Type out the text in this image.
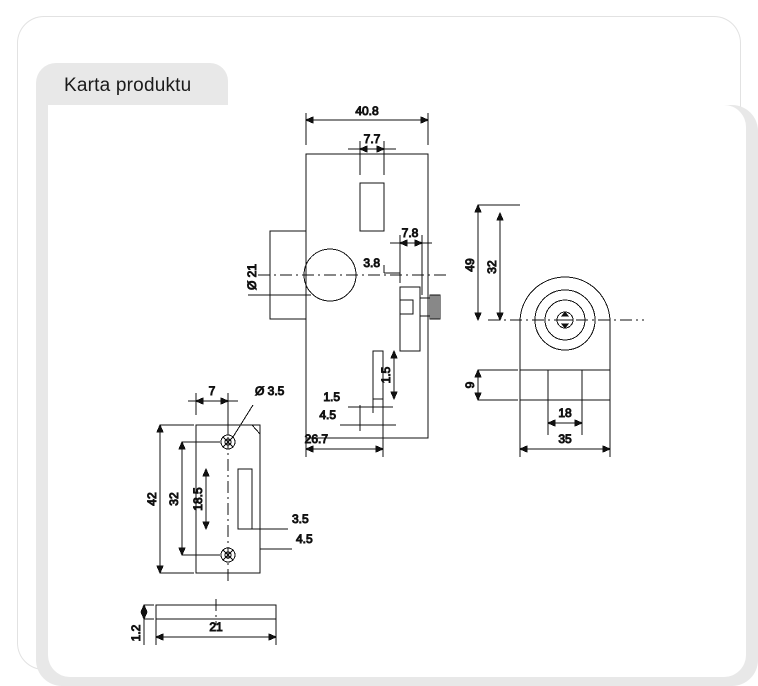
Karta produktu
40.8
7.7
7.8
Ø 21
3.8
1.5
1.5
4.5
26.7
32
49
9
18
35
7	Ø 3.5
42 32 18.5
3.5
4.5
1.2	21
